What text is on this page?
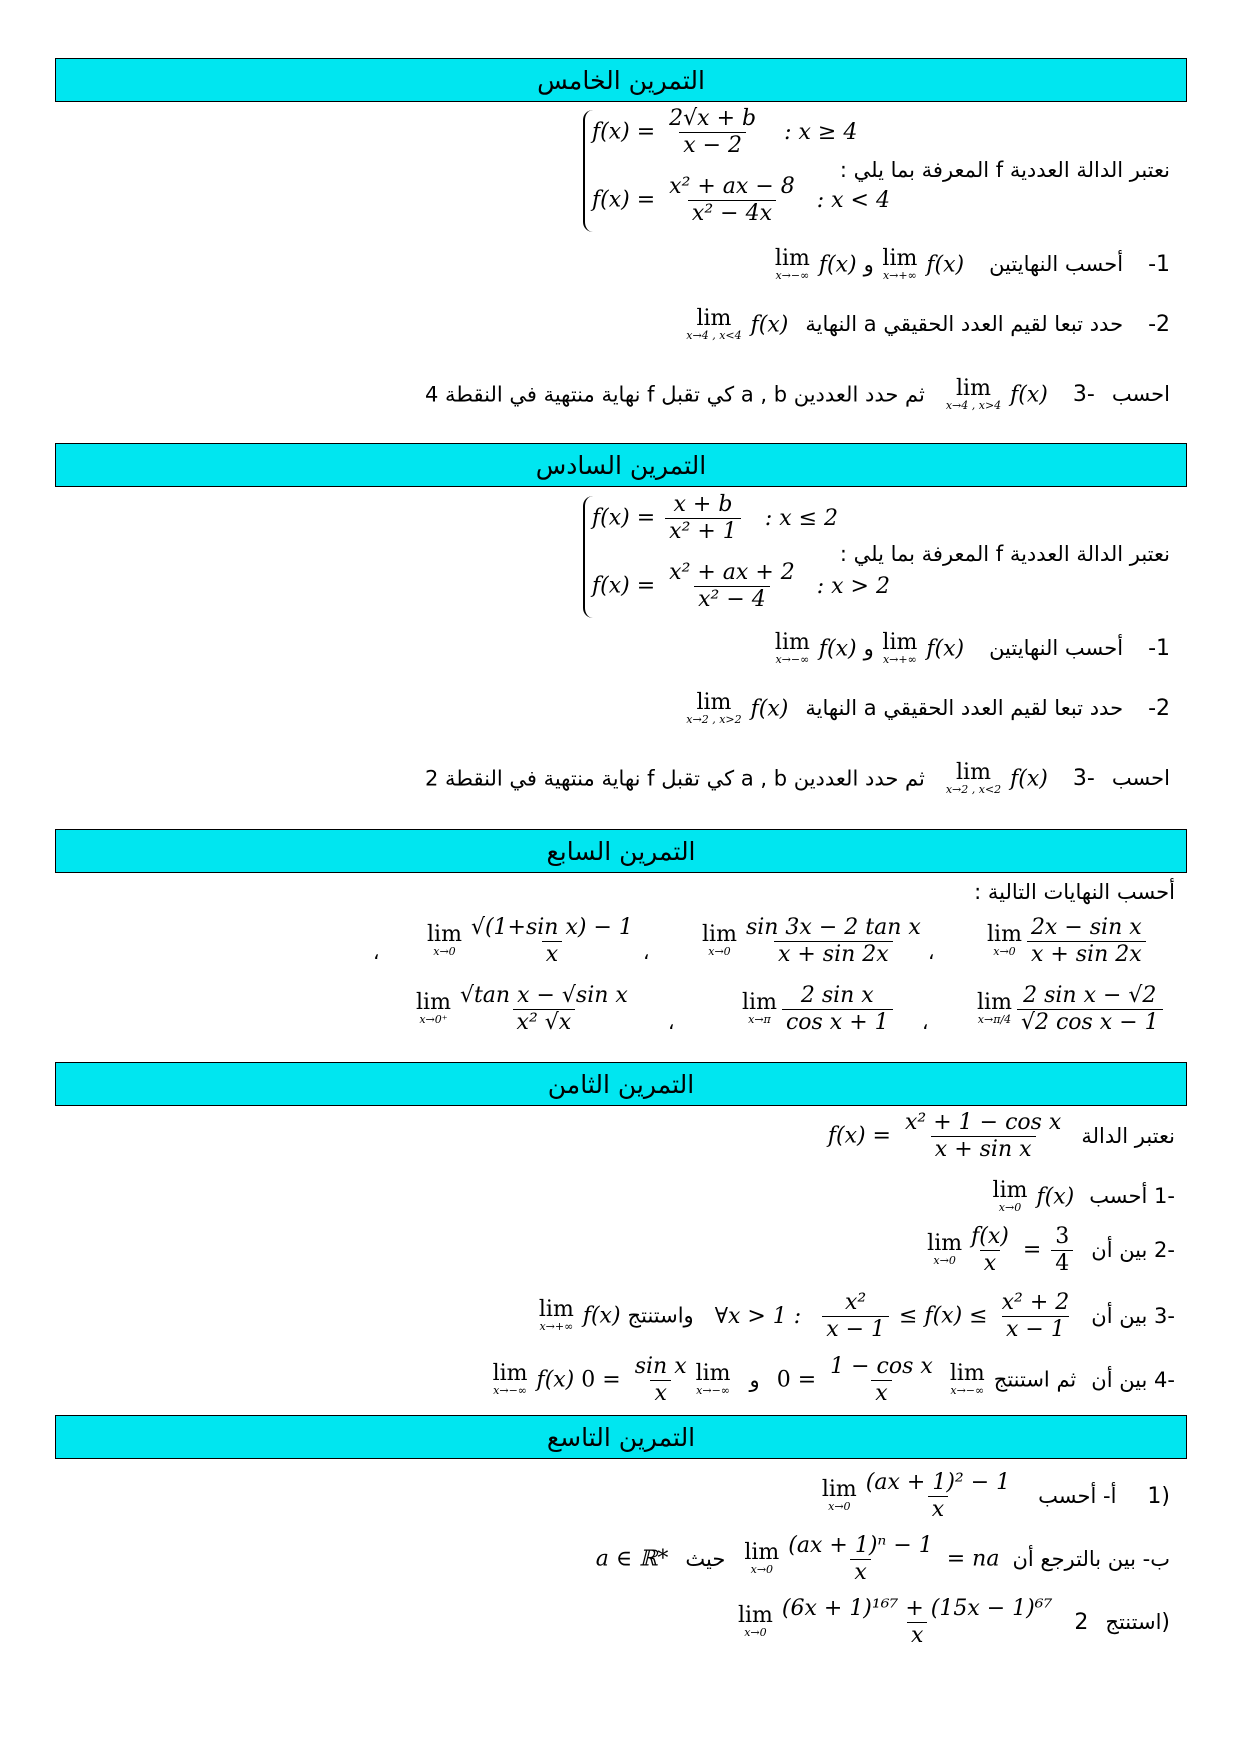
التمرين الخامس
$f(x) = \frac{2√x + b}{x - 2}$ : x ≥ 4
$f(x) = \frac{\text{x² + ax − 8}}{\text{x² − 4x}}$ : x < 4
نعتبر الدالة العددية f المعرفة بما يلي :
lim
x→−∞ f(x) و lim
x→+∞ f(x) أحسب النهايتين -1
lim
x→4 , x<4 f(x) حدد تبعا لقيم العدد الحقيقي a النهاية -2
ثم حدد العددين a , b كي تقبل f نهاية منتهية في النقطة 4 lim
x→4 , x>4 f(x)	احسب -3
التمرين السادس
$f(x) = \frac{x + b}{\text{x² + 1}}$ : x ≤ 2
$f(x) = \frac{\text{x² + ax + 2}}{\text{x² − 4}}$ : x > 2
نعتبر الدالة العددية f المعرفة بما يلي :
lim
x→−∞ f(x) و lim
x→+∞ f(x) أحسب النهايتين -1
lim
x→2 , x>2 f(x) حدد تبعا لقيم العدد الحقيقي a النهاية -2
ثم حدد العددين a , b كي تقبل f نهاية منتهية في النقطة 2 lim
x→2 , x<2 f(x)	احسب -3
التمرين السابع
أحسب النهايات التالية :
lim
$x\to 0 \frac{\text{2x − sin x}}{x + \sin 2x}$
،
lim
$x\to 0 \frac{\text{sin 3x − 2 tan x}}{x + \sin 2x}$
،
lim
$x\to 0 \frac{\text{√(1+sin x) − 1}}{x}$
،
lim
$x\to\pi/4 \frac{\text{2 sin x − √2}}{\text{√2 cos x − 1}}$
،
lim
$x\to\pi \frac{\text{2 sin x}}{\text{cos x + 1}}$
،
lim
$x\to 0^+ \frac{\text{√tan x − √sin x}}{\text{x² √x}}$
التمرين الثامن
$f(x) = \frac{\text{x² + 1 − cos x}}{\text{x + sin x}}$ نعتبر الدالة
lim
x→0 f(x) -1 أحسب
lim
$x\to 0 \frac{f(x)}{x} = \frac{3}{4} -2$ بين أن
lim
x→+∞ f(x) واستنتج ∀x > 1 : $\frac{\text{x²}}{x - 1} \le f(x) \le \frac{\text{x² + 2}}{x - 1} -3$ بين أن
lim
x→−∞ f(x)	ثم استنتج lim
x→−∞
$\frac{\text{1 − cos x}}{x}$
= 0 و lim
x→−∞
$\frac{\text{sin x}}{x}$
= 0	-4 بين أن
التمرين التاسع
lim
$x\to 0 \frac{\text{(ax + 1)² − 1}}{x}$ أ- أحسب 1)
a ∈ ℝ* حيث lim
$x\to 0 \frac{\text{(ax + 1)ⁿ − 1}}{x}$ = na ب- بين بالترجع أن
lim
$x\to 0 \frac{\text{(6x + 1)¹⁶⁷ + (15x − 1)⁶⁷}}{x}$ استنتج 2)
